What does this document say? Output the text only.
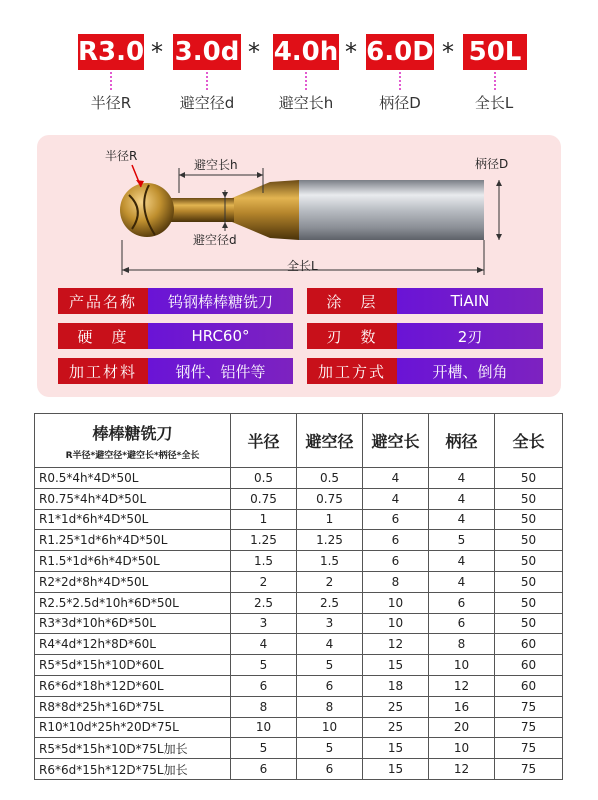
R3.0 * 3.0d * 4.0h * 6.0D * 50L
半径R	避空径d	避空长h	柄径D	全长L
半径R
避空长h
避空径d
柄径D
全长L
产品名称	钨钢棒棒糖铣刀	涂　层	TiAIN
硬　度	HRC60°	刃　数	2刃
加工材料	钢件、铝件等	加工方式	开槽、倒角
棒棒糖铣刀
R半径*避空径*避空长*柄径*全长	半径	避空径	避空长	柄径	全长
R0.5*4h*4D*50L	0.5	0.5	4	4	50
R0.75*4h*4D*50L	0.75	0.75	4	4	50
R1*1d*6h*4D*50L	1	1	6	4	50
R1.25*1d*6h*4D*50L	1.25	1.25	6	5	50
R1.5*1d*6h*4D*50L	1.5	1.5	6	4	50
R2*2d*8h*4D*50L	2	2	8	4	50
R2.5*2.5d*10h*6D*50L	2.5	2.5	10	6	50
R3*3d*10h*6D*50L	3	3	10	6	50
R4*4d*12h*8D*60L	4	4	12	8	60
R5*5d*15h*10D*60L	5	5	15	10	60
R6*6d*18h*12D*60L	6	6	18	12	60
R8*8d*25h*16D*75L	8	8	25	16	75
R10*10d*25h*20D*75L	10	10	25	20	75
R5*5d*15h*10D*75L加长	5	5	15	10	75
R6*6d*15h*12D*75L加长	6	6	15	12	75
